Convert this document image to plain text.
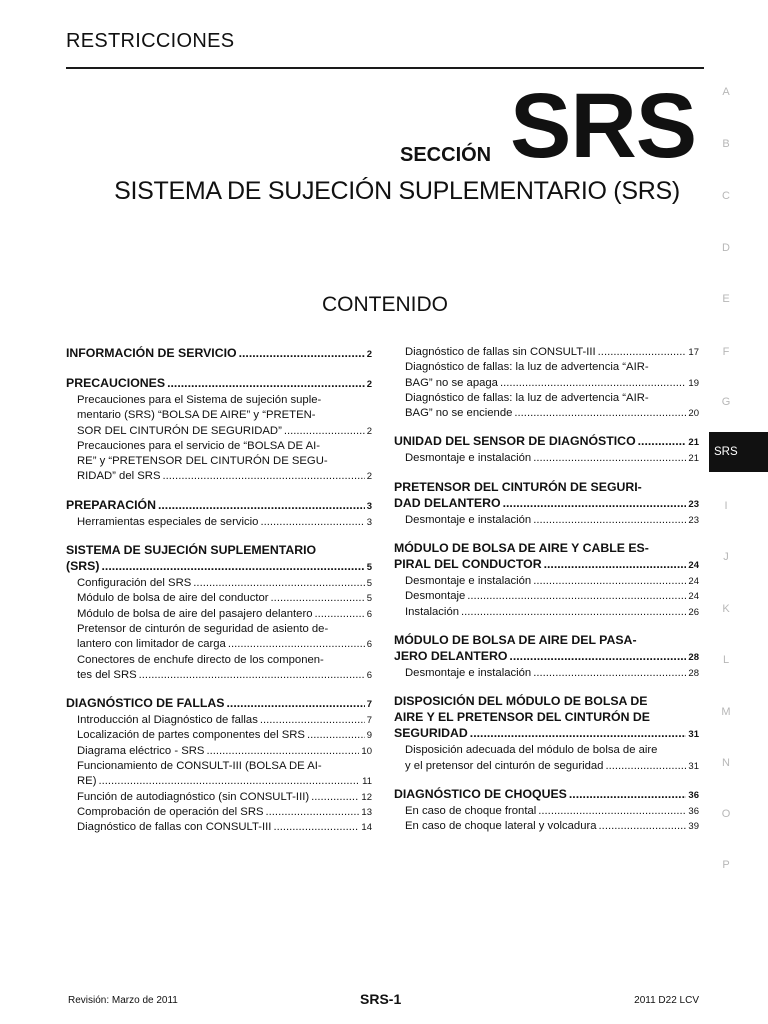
RESTRICCIONES
SECCIÓN SRS
SISTEMA DE SUJECIÓN SUPLEMENTARIO (SRS)
CONTENIDO
INFORMACIÓN DE SERVICIO .....	2
PRECAUCIONES .....	2
Precauciones para el Sistema de sujeción suple-
mentario (SRS) “BOLSA DE AIRE” y “PRETEN-
SOR DEL CINTURÓN DE SEGURIDAD” .....	2
Precauciones para el servicio de “BOLSA DE AI-
RE” y “PRETENSOR DEL CINTURÓN DE SEGU-
RIDAD” del SRS .....	2
PREPARACIÓN .....	3
Herramientas especiales de servicio .....	3
SISTEMA DE SUJECIÓN SUPLEMENTARIO
(SRS) .....	5
Configuración del SRS .....	5
Módulo de bolsa de aire del conductor .....	5
Módulo de bolsa de aire del pasajero delantero .....	6
Pretensor de cinturón de seguridad de asiento de-
lantero con limitador de carga .....	6
Conectores de enchufe directo de los componen-
tes del SRS .....	6
DIAGNÓSTICO DE FALLAS .....	7
Introducción al Diagnóstico de fallas .....	7
Localización de partes componentes del SRS .....	9
Diagrama eléctrico - SRS .....	10
Funcionamiento de CONSULT-III (BOLSA DE AI-
RE) .....	11
Función de autodiagnóstico (sin CONSULT-III) .....	12
Comprobación de operación del SRS .....	13
Diagnóstico de fallas con CONSULT-III .....	14
Diagnóstico de fallas sin CONSULT-III .....	17
Diagnóstico de fallas: la luz de advertencia “AIR-
BAG” no se apaga .....	19
Diagnóstico de fallas: la luz de advertencia “AIR-
BAG” no se enciende .....	20
UNIDAD DEL SENSOR DE DIAGNÓSTICO .....	21
Desmontaje e instalación .....	21
PRETENSOR DEL CINTURÓN DE SEGURI-
DAD DELANTERO .....	23
Desmontaje e instalación .....	23
MÓDULO DE BOLSA DE AIRE Y CABLE ES-
PIRAL DEL CONDUCTOR .....	24
Desmontaje e instalación .....	24
Desmontaje .....	24
Instalación .....	26
MÓDULO DE BOLSA DE AIRE DEL PASA-
JERO DELANTERO .....	28
Desmontaje e instalación .....	28
DISPOSICIÓN DEL MÓDULO DE BOLSA DE
AIRE Y EL PRETENSOR DEL CINTURÓN DE
SEGURIDAD .....	31
Disposición adecuada del módulo de bolsa de aire
y el pretensor del cinturón de seguridad .....	31
DIAGNÓSTICO DE CHOQUES .....	36
En caso de choque frontal .....	36
En caso de choque lateral y volcadura .....	39
A
B
C
D
E
F
G
SRS
I
J
K
L
M
N
O
P
Revisión: Marzo de 2011	SRS-1	2011 D22 LCV
